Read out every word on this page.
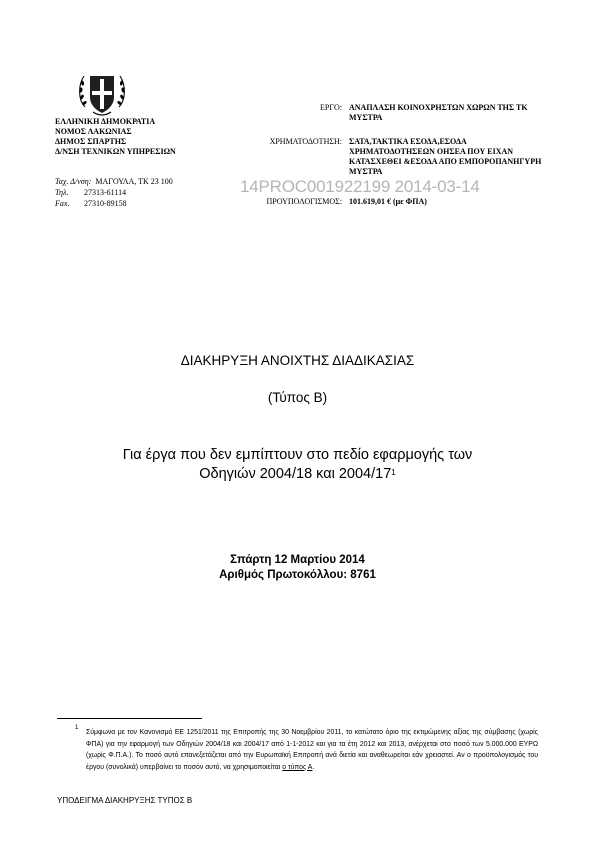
ΕΛΛΗΝΙΚΗ ΔΗΜΟΚΡΑΤΙΑ
ΝΟΜΟΣ ΛΑΚΩΝΙΑΣ
ΔΗΜΟΣ ΣΠΑΡΤΗΣ
Δ/ΝΣΗ ΤΕΧΝΙΚΩΝ ΥΠΗΡΕΣΙΩΝ
Ταχ. Δ/νση: ΜΑΓΟΥΛΑ, ΤΚ 23 100
Τηλ.	27313-61114
Fax.	27310-89158
ΕΡΓΟ: ΑΝΑΠΛΑΣΗ ΚΟΙΝΟΧΡΗΣΤΩΝ ΧΩΡΩΝ ΤΗΣ ΤΚ ΜΥΣΤΡΑ
ΧΡΗΜΑΤΟΔΟΤΗΣΗ: ΣΑΤΑ,ΤΑΚΤΙΚΑ ΕΣΟΔΑ,ΕΣΟΔΑ ΧΡΗΜΑΤΟΔΟΤΗΣΕΩΝ ΟΗΣΕΑ ΠΟΥ ΕΙΧΑΝ ΚΑΤΑΣΧΕΘΕΙ &ΕΣΟΔΑ ΑΠΟ ΕΜΠΟΡΟΠΑΝΗΓΥΡΗ ΜΥΣΤΡΑ
ΠΡΟΥΠΟΛΟΓΙΣΜΟΣ: 101.619,01 € (με ΦΠΑ)
14PROC001922199 2014-03-14
ΔΙΑΚΗΡΥΞΗ ΑΝΟΙΧΤΗΣ ΔΙΑΔΙΚΑΣΙΑΣ
(Τύπος Β)
Για έργα που δεν εμπίπτουν στο πεδίο εφαρμογής των
Οδηγιών 2004/18 και $2004/17^1$
Σπάρτη 12 Μαρτίου 2014
Αριθμός Πρωτοκόλλου: 8761
1
Σύμφωνα με τον Κανονισμό ΕΕ 1251/2011 της Επιτροπής της 30 Νοεμβρίου 2011, το κατώτατο όριο της εκτιμώμενης αξίας της σύμβασης (χωρίς ΦΠΑ) για την εφαρμογή των Οδηγιών 2004/18 και 2004/17 από 1-1-2012 και για τα έτη 2012 και 2013, ανέρχεται στο ποσό των 5.000.000 ΕΥΡΩ (χωρίς Φ.Π.Α.). Το ποσό αυτό επανεξετάζεται από την Ευρωπαϊκή Επιτροπή ανά διετία και αναθεωρείται εάν χρειαστεί. Αν ο προϋπολογισμός του έργου (συνολικά) υπερβαίνει το ποσόν αυτό, να χρησιμοποιείται ο τύπος Α.
ΥΠΟΔΕΙΓΜΑ ΔΙΑΚΗΡΥΞΗΣ ΤΥΠΟΣ Β
